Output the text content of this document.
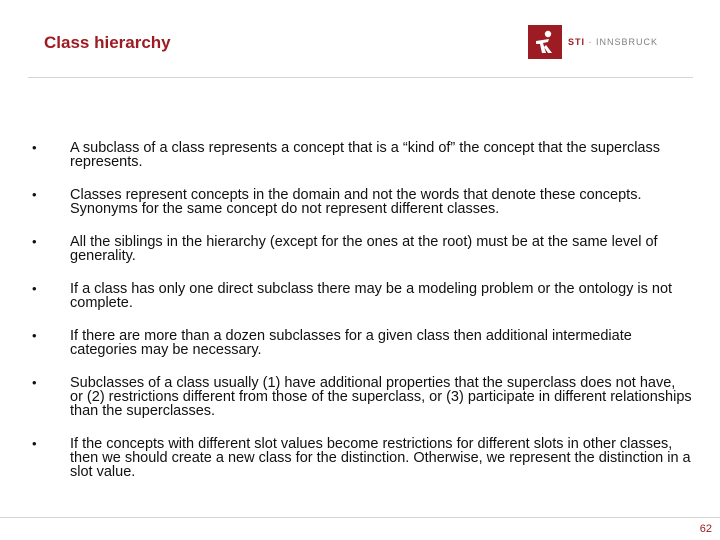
Class hierarchy	STI · INNSBRUCK
•	A subclass of a class represents a concept that is a “kind of” the concept that the superclass represents.
•	Classes represent concepts in the domain and not the words that denote these concepts. Synonyms for the same concept do not represent different classes.
•	All the siblings in the hierarchy (except for the ones at the root) must be at the same level of generality.
•	If a class has only one direct subclass there may be a modeling problem or the ontology is not complete.
•	If there are more than a dozen subclasses for a given class then additional intermediate categories may be necessary.
•	Subclasses of a class usually (1) have additional properties that the superclass does not have, or (2) restrictions different from those of the superclass, or (3) participate in different relationships than the superclasses.
•	If the concepts with different slot values become restrictions for different slots in other classes, then we should create a new class for the distinction. Otherwise, we represent the distinction in a slot value.
62
